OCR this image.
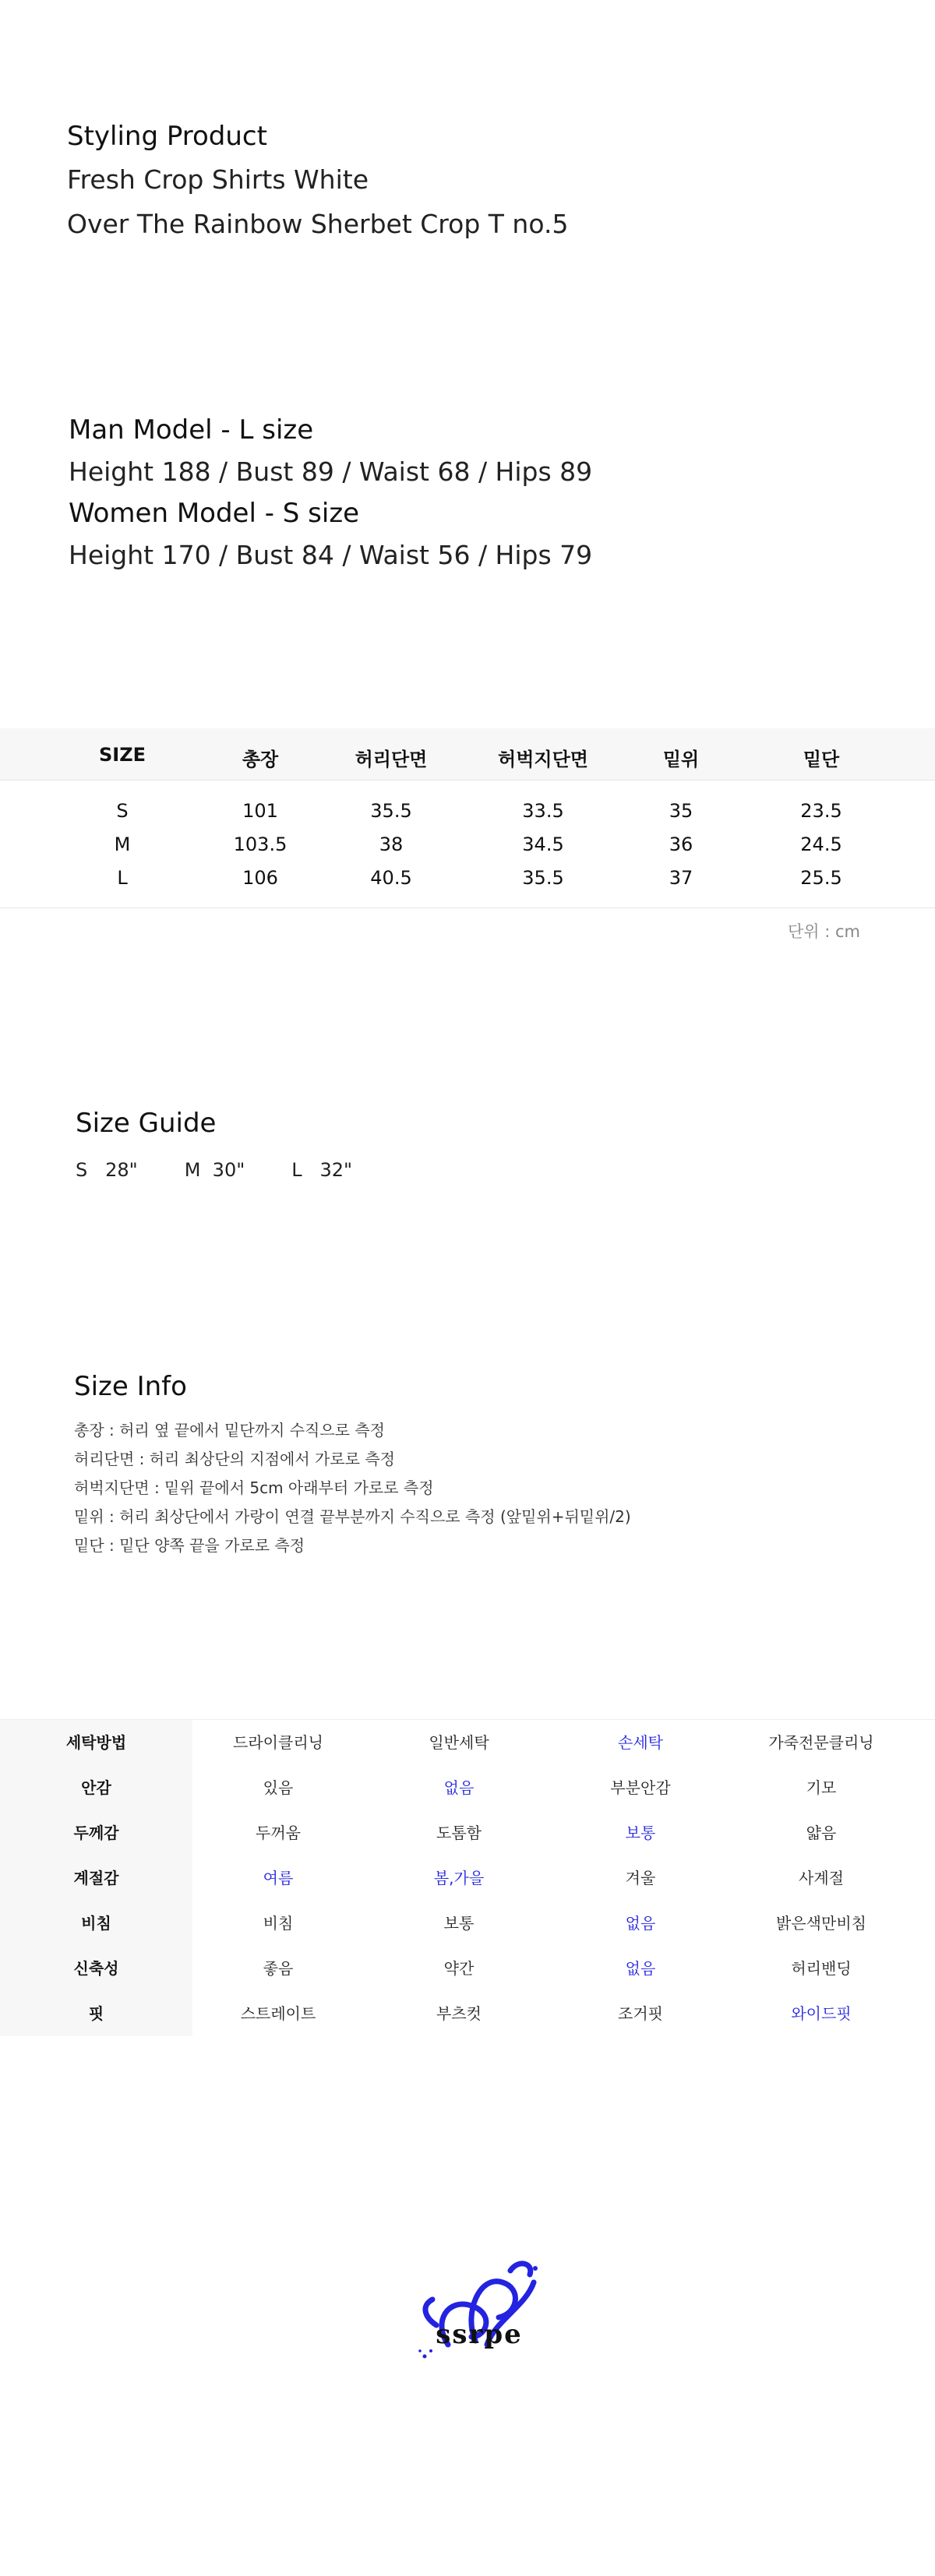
Styling Product
Fresh Crop Shirts White
Over The Rainbow Sherbet Crop T no.5
Man Model - L size
Height 188 / Bust 89 / Waist 68 / Hips 89
Women Model - S size
Height 170 / Bust 84 / Waist 56 / Hips 79
SIZE	총장	허리단면	허벅지단면	밑위	밑단
S	101	35.5	33.5	35	23.5
M	103.5	38	34.5	36	24.5
L	106	40.5	35.5	37	25.5
단위 : cm
Size Guide
S   28"	M  30"	L   32"
Size Info
총장 : 허리 옆 끝에서 밑단까지 수직으로 측정
허리단면 : 허리 최상단의 지점에서 가로로 측정
허벅지단면 : 밑위 끝에서 5cm 아래부터 가로로 측정
밑위 : 허리 최상단에서 가랑이 연결 끝부분까지 수직으로 측정 (앞밑위+뒤밑위/2)
밑단 : 밑단 양쪽 끝을 가로로 측정
세탁방법	드라이클리닝	일반세탁	손세탁	가죽전문클리닝
안감	있음	없음	부분안감	기모
두께감	두꺼움	도톰함	보통	얇음
계절감	여름	봄,가을	겨울	사계절
비침	비침	보통	없음	밝은색만비침
신축성	좋음	약간	없음	허리밴딩
핏	스트레이트	부츠컷	조거핏	와이드핏
ssrpe
